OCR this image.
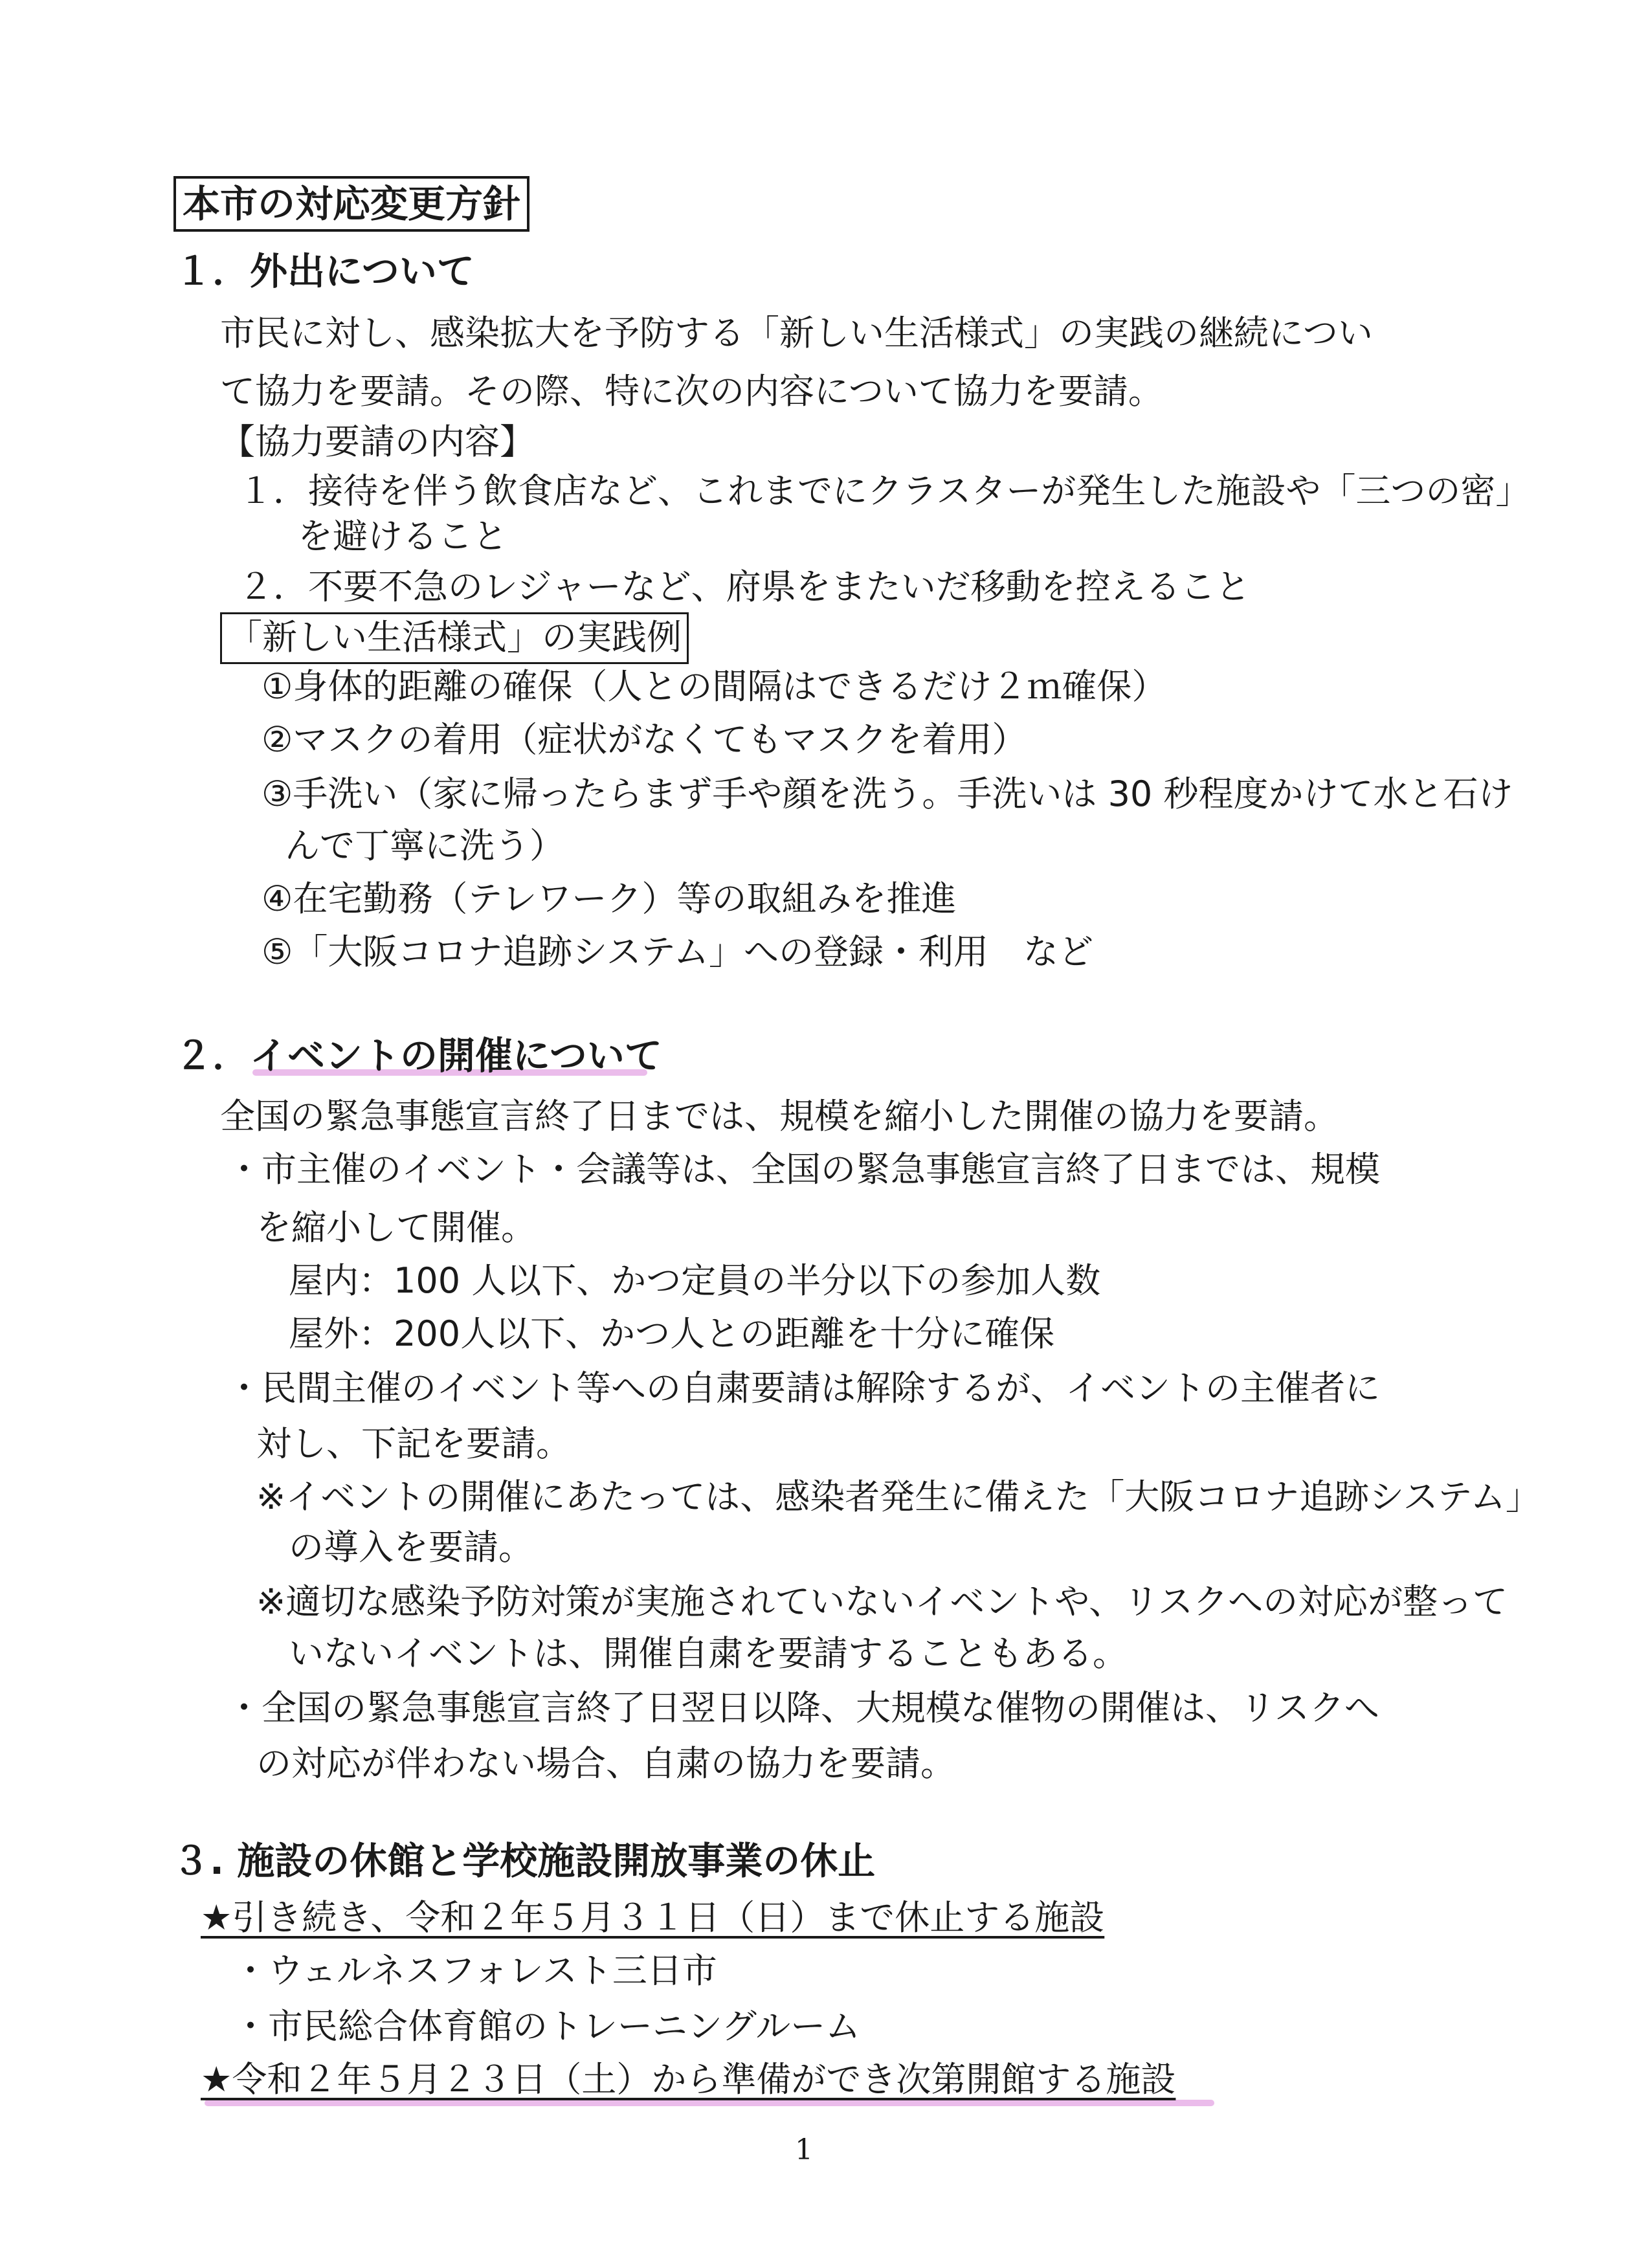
本市の対応変更方針
１．外出について
市民に対し、感染拡大を予防する「新しい生活様式」の実践の継続につい
て協力を要請。その際、特に次の内容について協力を要請。
【協力要請の内容】
１．接待を伴う飲食店など、これまでにクラスターが発生した施設や「三つの密」
を避けること
２．不要不急のレジャーなど、府県をまたいだ移動を控えること
「新しい生活様式」の実践例
①身体的距離の確保（人との間隔はできるだけ２ｍ確保）
②マスクの着用（症状がなくてもマスクを着用）
③手洗い（家に帰ったらまず手や顔を洗う。手洗いは 30 秒程度かけて水と石け
んで丁寧に洗う）
④在宅勤務（テレワーク）等の取組みを推進
⑤「大阪コロナ追跡システム」への登録・利用　など
２．イベントの開催について
全国の緊急事態宣言終了日までは、規模を縮小した開催の協力を要請。
・市主催のイベント・会議等は、全国の緊急事態宣言終了日までは、規模
を縮小して開催。
屋内：100 人以下、かつ定員の半分以下の参加人数
屋外：200人以下、かつ人との距離を十分に確保
・民間主催のイベント等への自粛要請は解除するが、イベントの主催者に
対し、下記を要請。
※イベントの開催にあたっては、感染者発生に備えた「大阪コロナ追跡システム」
の導入を要請。
※適切な感染予防対策が実施されていないイベントや、リスクへの対応が整って
いないイベントは、開催自粛を要請することもある。
・全国の緊急事態宣言終了日翌日以降、大規模な催物の開催は、リスクへ
の対応が伴わない場合、自粛の協力を要請。
３. 施設の休館と学校施設開放事業の休止
★引き続き、令和２年５月３１日（日）まで休止する施設
・ウェルネスフォレスト三日市
・市民総合体育館のトレーニングルーム
★令和２年５月２３日（土）から準備ができ次第開館する施設
1
